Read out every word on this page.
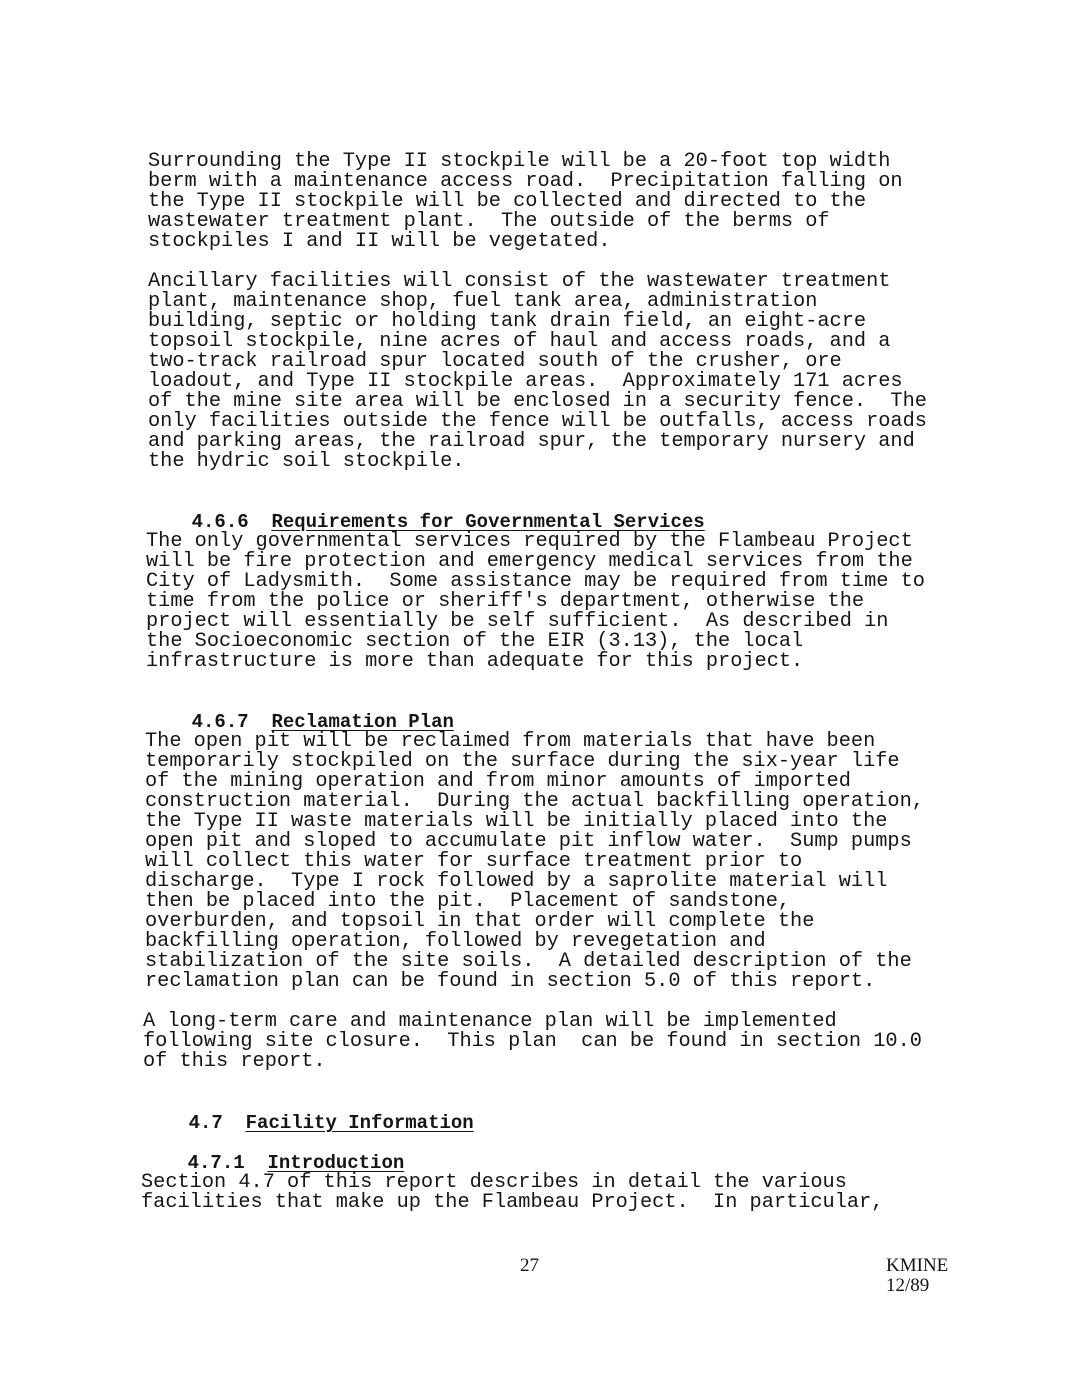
Surrounding the Type II stockpile will be a 20-foot top width
berm with a maintenance access road.  Precipitation falling on
the Type II stockpile will be collected and directed to the
wastewater treatment plant.  The outside of the berms of
stockpiles I and II will be vegetated.

Ancillary facilities will consist of the wastewater treatment
plant, maintenance shop, fuel tank area, administration
building, septic or holding tank drain field, an eight-acre
topsoil stockpile, nine acres of haul and access roads, and a
two-track railroad spur located south of the crusher, ore
loadout, and Type II stockpile areas.  Approximately 171 acres
of the mine site area will be enclosed in a security fence.  The
only facilities outside the fence will be outfalls, access roads
and parking areas, the railroad spur, the temporary nursery and
the hydric soil stockpile.

4.6.6 Requirements for Governmental Services

The only governmental services required by the Flambeau Project
will be fire protection and emergency medical services from the
City of Ladysmith.  Some assistance may be required from time to
time from the police or sheriff's department, otherwise the
project will essentially be self sufficient.  As described in
the Socioeconomic section of the EIR (3.13), the local
infrastructure is more than adequate for this project.

4.6.7 Reclamation Plan

The open pit will be reclaimed from materials that have been
temporarily stockpiled on the surface during the six-year life
of the mining operation and from minor amounts of imported
construction material.  During the actual backfilling operation,
the Type II waste materials will be initially placed into the
open pit and sloped to accumulate pit inflow water.  Sump pumps
will collect this water for surface treatment prior to
discharge.  Type I rock followed by a saprolite material will
then be placed into the pit.  Placement of sandstone,
overburden, and topsoil in that order will complete the
backfilling operation, followed by revegetation and
stabilization of the site soils.  A detailed description of the
reclamation plan can be found in section 5.0 of this report.

A long-term care and maintenance plan will be implemented
following site closure.  This plan  can be found in section 10.0
of this report.

4.7 Facility Information

4.7.1 Introduction

Section 4.7 of this report describes in detail the various
facilities that make up the Flambeau Project.  In particular,

27	KMINE
12/89
